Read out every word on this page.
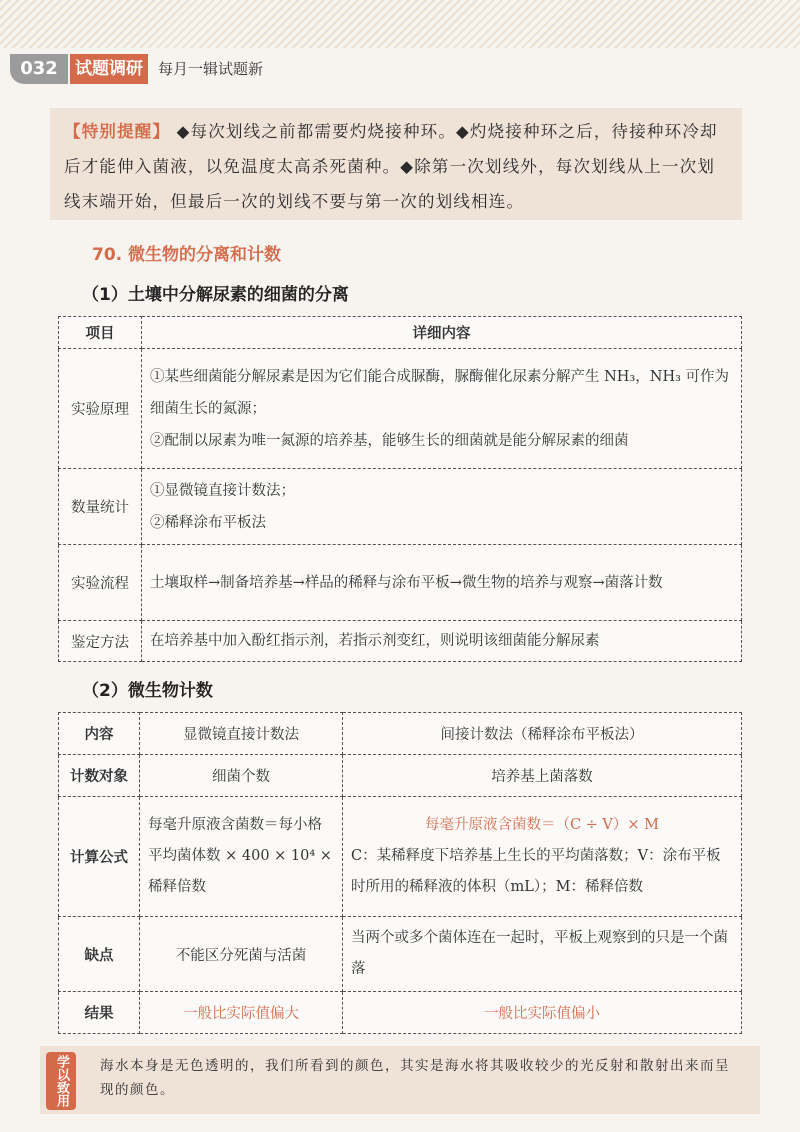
032	试题调研	每月一辑试题新
【特别提醒】 ◆每次划线之前都需要灼烧接种环。◆灼烧接种环之后，待接种环冷却后才能伸入菌液，以免温度太高杀死菌种。◆除第一次划线外，每次划线从上一次划线末端开始，但最后一次的划线不要与第一次的划线相连。
70. 微生物的分离和计数
（1）土壤中分解尿素的细菌的分离
项目	详细内容
实验原理	①某些细菌能分解尿素是因为它们能合成脲酶，脲酶催化尿素分解产生 NH₃，NH₃ 可作为细菌生长的氮源；
②配制以尿素为唯一氮源的培养基，能够生长的细菌就是能分解尿素的细菌

数量统计	①显微镜直接计数法；
②稀释涂布平板法

实验流程	土壤取样→制备培养基→样品的稀释与涂布平板→微生物的培养与观察→菌落计数

鉴定方法	在培养基中加入酚红指示剂，若指示剂变红，则说明该细菌能分解尿素
（2）微生物计数
内容	显微镜直接计数法	间接计数法（稀释涂布平板法）
计数对象	细菌个数	培养基上菌落数
计算公式	每毫升原液含菌数＝每小格平均菌体数 × 400 × 10⁴ × 稀释倍数	每毫升原液含菌数＝（C ÷ V）× M
C：某稀释度下培养基上生长的平均菌落数；V：涂布平板时所用的稀释液的体积（mL）；M：稀释倍数

缺点	不能区分死菌与活菌	当两个或多个菌体连在一起时，平板上观察到的只是一个菌落
结果	一般比实际值偏大	一般比实际值偏小
学以致用	海水本身是无色透明的，我们所看到的颜色，其实是海水将其吸收较少的光反射和散射出来而呈现的颜色。
